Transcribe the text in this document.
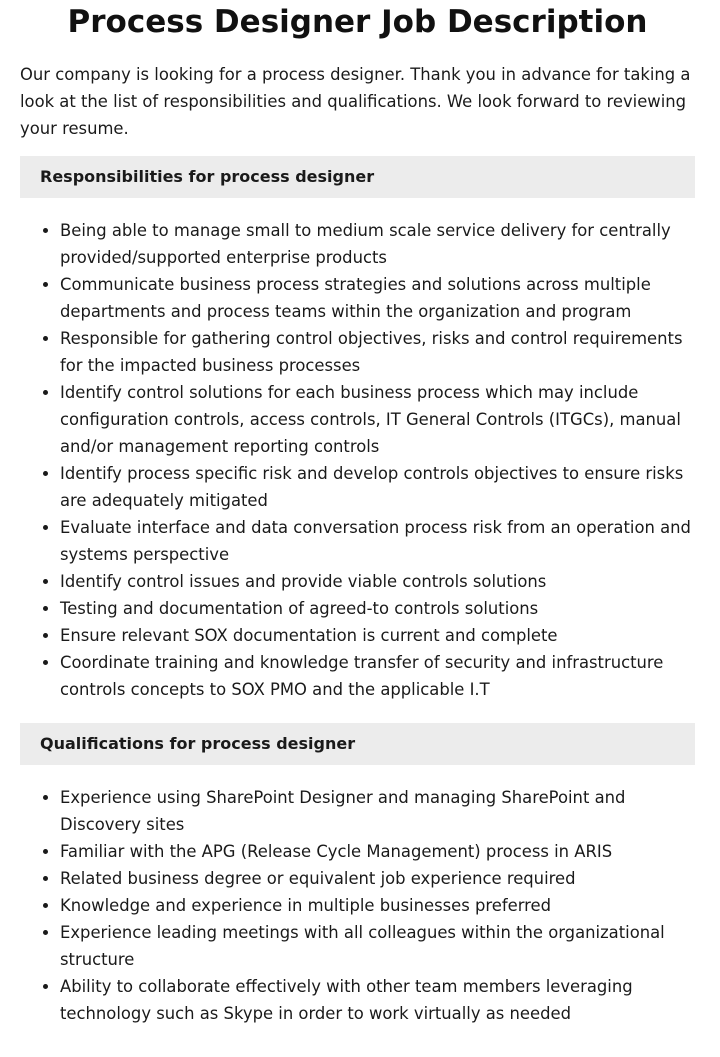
Process Designer Job Description

Our company is looking for a process designer. Thank you in advance for taking a look at the list of responsibilities and qualifications. We look forward to reviewing your resume.

Responsibilities for process designer
• Being able to manage small to medium scale service delivery for centrally provided/supported enterprise products
• Communicate business process strategies and solutions across multiple departments and process teams within the organization and program
• Responsible for gathering control objectives, risks and control requirements for the impacted business processes
• Identify control solutions for each business process which may include configuration controls, access controls, IT General Controls (ITGCs), manual and/or management reporting controls
• Identify process specific risk and develop controls objectives to ensure risks are adequately mitigated
• Evaluate interface and data conversation process risk from an operation and systems perspective
• Identify control issues and provide viable controls solutions
• Testing and documentation of agreed-to controls solutions
• Ensure relevant SOX documentation is current and complete
• Coordinate training and knowledge transfer of security and infrastructure controls concepts to SOX PMO and the applicable I.T
Qualifications for process designer
• Experience using SharePoint Designer and managing SharePoint and Discovery sites
• Familiar with the APG (Release Cycle Management) process in ARIS
• Related business degree or equivalent job experience required
• Knowledge and experience in multiple businesses preferred
• Experience leading meetings with all colleagues within the organizational structure
• Ability to collaborate effectively with other team members leveraging technology such as Skype in order to work virtually as needed
